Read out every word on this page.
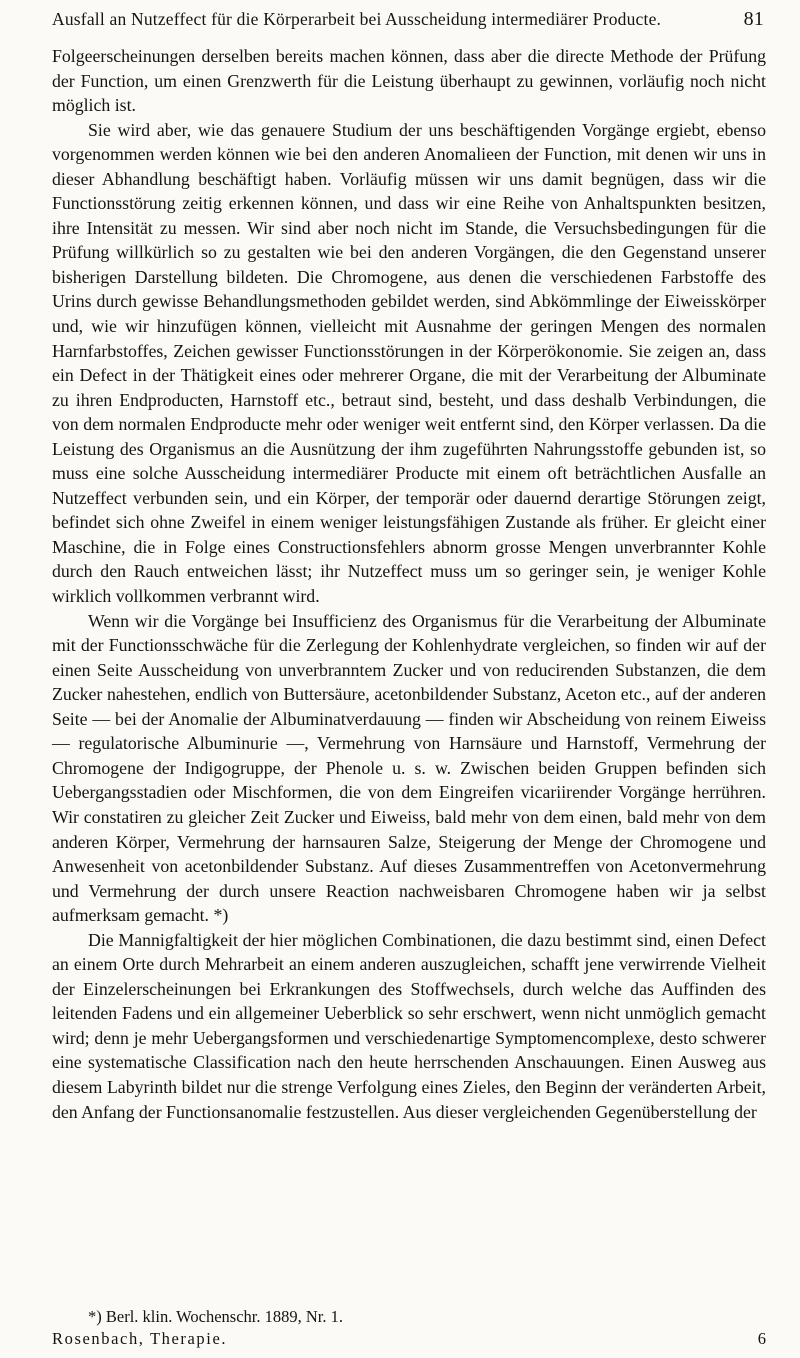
Ausfall an Nutzeffect für die Körperarbeit bei Ausscheidung intermediärer Producte.	81

Folgeerscheinungen derselben bereits machen können, dass aber die directe Methode der Prüfung der Function, um einen Grenzwerth für die Leistung überhaupt zu gewinnen, vorläufig noch nicht möglich ist.

Sie wird aber, wie das genauere Studium der uns beschäftigenden Vorgänge ergiebt, ebenso vorgenommen werden können wie bei den anderen Anomalieen der Function, mit denen wir uns in dieser Abhandlung beschäftigt haben. Vorläufig müssen wir uns damit begnügen, dass wir die Functionsstörung zeitig erkennen können, und dass wir eine Reihe von Anhaltspunkten besitzen, ihre Intensität zu messen. Wir sind aber noch nicht im Stande, die Versuchsbedingungen für die Prüfung willkürlich so zu gestalten wie bei den anderen Vorgängen, die den Gegenstand unserer bisherigen Darstellung bildeten. Die Chromogene, aus denen die verschiedenen Farbstoffe des Urins durch gewisse Behandlungsmethoden gebildet werden, sind Abkömmlinge der Eiweisskörper und, wie wir hinzufügen können, vielleicht mit Ausnahme der geringen Mengen des normalen Harnfarbstoffes, Zeichen gewisser Functionsstörungen in der Körperökonomie. Sie zeigen an, dass ein Defect in der Thätigkeit eines oder mehrerer Organe, die mit der Verarbeitung der Albuminate zu ihren Endproducten, Harnstoff etc., betraut sind, besteht, und dass deshalb Verbindungen, die von dem normalen Endproducte mehr oder weniger weit entfernt sind, den Körper verlassen. Da die Leistung des Organismus an die Ausnützung der ihm zugeführten Nahrungsstoffe gebunden ist, so muss eine solche Ausscheidung intermediärer Producte mit einem oft beträchtlichen Ausfalle an Nutzeffect verbunden sein, und ein Körper, der temporär oder dauernd derartige Störungen zeigt, befindet sich ohne Zweifel in einem weniger leistungsfähigen Zustande als früher. Er gleicht einer Maschine, die in Folge eines Constructionsfehlers abnorm grosse Mengen unverbrannter Kohle durch den Rauch entweichen lässt; ihr Nutzeffect muss um so geringer sein, je weniger Kohle wirklich vollkommen verbrannt wird.

Wenn wir die Vorgänge bei Insufficienz des Organismus für die Verarbeitung der Albuminate mit der Functionsschwäche für die Zerlegung der Kohlenhydrate vergleichen, so finden wir auf der einen Seite Ausscheidung von unverbranntem Zucker und von reducirenden Substanzen, die dem Zucker nahestehen, endlich von Buttersäure, acetonbildender Substanz, Aceton etc., auf der anderen Seite — bei der Anomalie der Albuminatverdauung — finden wir Abscheidung von reinem Eiweiss — regulatorische Albuminurie —, Vermehrung von Harnsäure und Harnstoff, Vermehrung der Chromogene der Indigogruppe, der Phenole u. s. w. Zwischen beiden Gruppen befinden sich Uebergangsstadien oder Mischformen, die von dem Eingreifen vicariirender Vorgänge herrühren. Wir constatiren zu gleicher Zeit Zucker und Eiweiss, bald mehr von dem einen, bald mehr von dem anderen Körper, Vermehrung der harnsauren Salze, Steigerung der Menge der Chromogene und Anwesenheit von acetonbildender Substanz. Auf dieses Zusammentreffen von Acetonvermehrung und Vermehrung der durch unsere Reaction nachweisbaren Chromogene haben wir ja selbst aufmerksam gemacht. *)

Die Mannigfaltigkeit der hier möglichen Combinationen, die dazu bestimmt sind, einen Defect an einem Orte durch Mehrarbeit an einem anderen auszugleichen, schafft jene verwirrende Vielheit der Einzelerscheinungen bei Erkrankungen des Stoffwechsels, durch welche das Auffinden des leitenden Fadens und ein allgemeiner Ueberblick so sehr erschwert, wenn nicht unmöglich gemacht wird; denn je mehr Uebergangsformen und verschiedenartige Symptomencomplexe, desto schwerer eine systematische Classification nach den heute herrschenden Anschauungen. Einen Ausweg aus diesem Labyrinth bildet nur die strenge Verfolgung eines Zieles, den Beginn der veränderten Arbeit, den Anfang der Functionsanomalie festzustellen. Aus dieser vergleichenden Gegenüberstellung der

*) Berl. klin. Wochenschr. 1889, Nr. 1.
Rosenbach, Therapie.	6
